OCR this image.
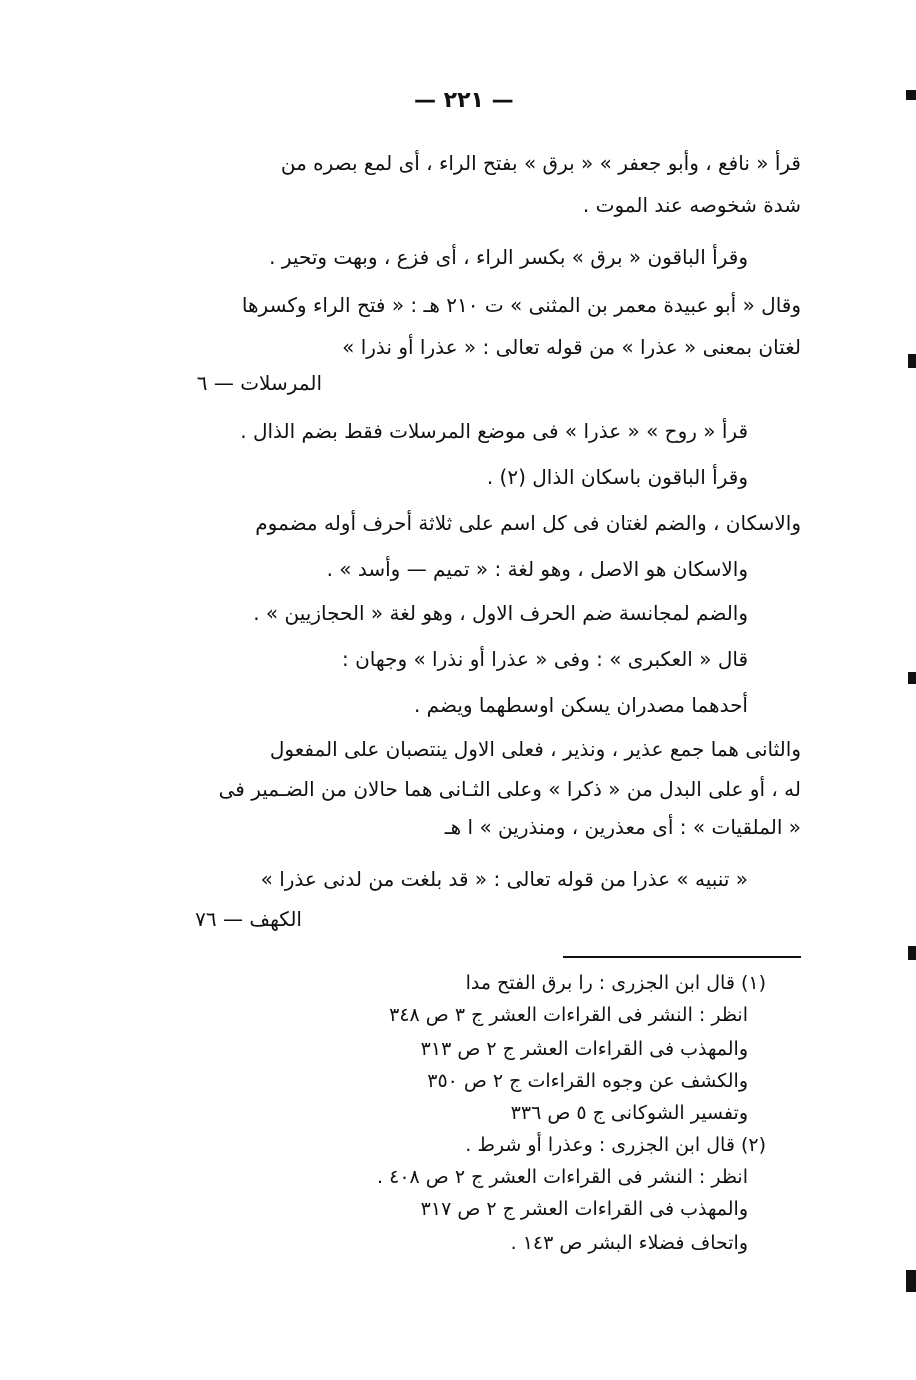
— ٢٢١ —
قرأ « نافع ، وأبو جعفر » « برق » بفتح الراء ، أى لمع بصره من
شدة شخوصه عند الموت .
وقرأ الباقون « برق » بكسر الراء ، أى فزع ، وبهت وتحير .
وقال « أبو عبيدة معمر بن المثنى » ت ٢١٠ هـ : « فتح الراء وكسرها
لغتان بمعنى « عذرا » من قوله تعالى : « عذرا أو نذرا »
المرسلات — ٦
قرأ « روح » « عذرا » فى موضع المرسلات فقط بضم الذال .
وقرأ الباقون باسكان الذال (٢) .
والاسكان ، والضم لغتان فى كل اسم على ثلاثة أحرف أوله مضموم
والاسكان هو الاصل ، وهو لغة : « تميم — وأسد » .
والضم لمجانسة ضم الحرف الاول ، وهو لغة « الحجازيين » .
قال « العكبرى » : وفى « عذرا أو نذرا » وجهان :
أحدهما مصدران يسكن اوسطهما ويضم .
والثانى هما جمع عذير ، ونذير ، فعلى الاول ينتصبان على المفعول
له ، أو على البدل من « ذكرا » وعلى الثـانى هما حالان من الضـمير فى
« الملقيات » : أى معذرين ، ومنذرين » ا هـ
« تنبيه » عذرا من قوله تعالى : « قد بلغت من لدنى عذرا »
الكهف — ٧٦
(١) قال ابن الجزرى : را برق الفتح مدا
انظر : النشر فى القراءات العشر ج ٣ ص ٣٤٨
والمهذب فى القراءات العشر ج ٢ ص ٣١٣
والكشف عن وجوه القراءات ج ٢ ص ٣٥٠
وتفسير الشوكانى ج ٥ ص ٣٣٦
(٢) قال ابن الجزرى : وعذرا أو شرط .
انظر : النشر فى القراءات العشر ج ٢ ص ٤٠٨ .
والمهذب فى القراءات العشر ج ٢ ص ٣١٧
واتحاف فضلاء البشر ص ١٤٣ .
